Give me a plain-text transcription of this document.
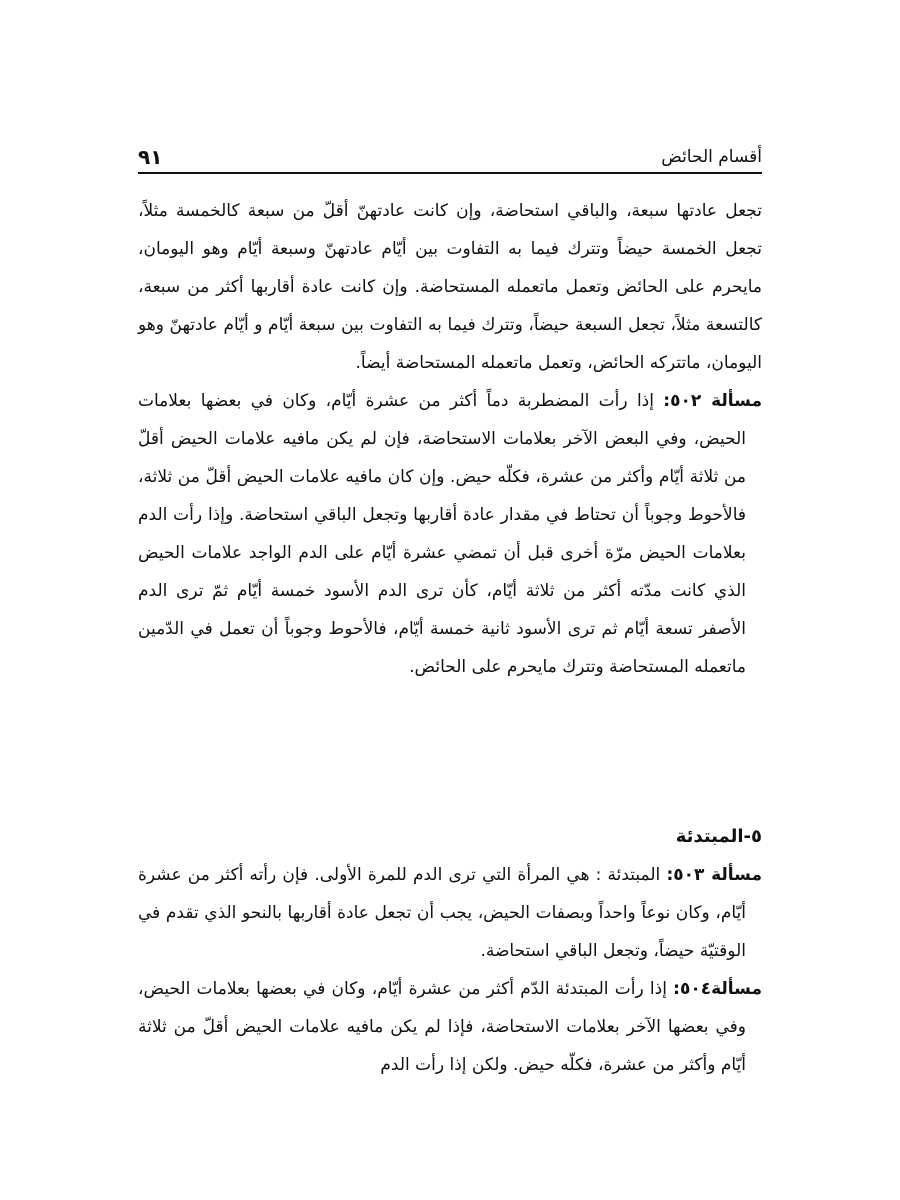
أقسام الحائض
٩١

تجعل عادتها سبعة، والباقي استحاضة، وإن كانت عادتهنّ أقلّ من سبعة كالخمسة مثلاً، تجعل الخمسة حيضاً وتترك فيما به التفاوت بين أيّام عادتهنّ وسبعة أيّام وهو اليومان، مايحرم على الحائض وتعمل ماتعمله المستحاضة. وإن كانت عادة أقاربها أكثر من سبعة، كالتسعة مثلاً، تجعل السبعة حيضاً، وتترك فيما به التفاوت بين سبعة أيّام و أيّام عادتهنّ وهو اليومان، ماتتركه الحائض، وتعمل ماتعمله المستحاضة أيضاً.

مسألة ٥٠٢: إذا رأت المضطربة دماً أكثر من عشرة أيّام، وكان في بعضها بعلامات الحيض، وفي البعض الآخر بعلامات الاستحاضة، فإن لم يكن مافيه علامات الحيض أقلّ من ثلاثة أيّام وأكثر من عشرة، فكلّه حيض. وإن كان مافيه علامات الحيض أقلّ من ثلاثة، فالأحوط وجوباً أن تحتاط في مقدار عادة أقاربها وتجعل الباقي استحاضة. وإذا رأت الدم بعلامات الحيض مرّة أخرى قبل أن تمضي عشرة أيّام على الدم الواجد علامات الحيض الذي كانت مدّته أكثر من ثلاثة أيّام، كأن ترى الدم الأسود خمسة أيّام ثمّ ترى الدم الأصفر تسعة أيّام ثم ترى الأسود ثانية خمسة أيّام، فالأحوط وجوباً أن تعمل في الدّمين ماتعمله المستحاضة وتترك مايحرم على الحائض.

٥-المبتدئة

مسألة ٥٠٣: المبتدئة : هي المرأة التي ترى الدم للمرة الأولى. فإن رأته أكثر من عشرة أيّام، وكان نوعاً واحداً وبصفات الحيض، يجب أن تجعل عادة أقاربها بالنحو الذي تقدم في الوقتيّة حيضاً، وتجعل الباقي استحاضة.

مسألة٥٠٤: إذا رأت المبتدئة الدّم أكثر من عشرة أيّام، وكان في بعضها بعلامات الحيض، وفي بعضها الآخر بعلامات الاستحاضة، فإذا لم يكن مافيه علامات الحيض أقلّ من ثلاثة أيّام وأكثر من عشرة، فكلّه حيض. ولكن إذا رأت الدم
